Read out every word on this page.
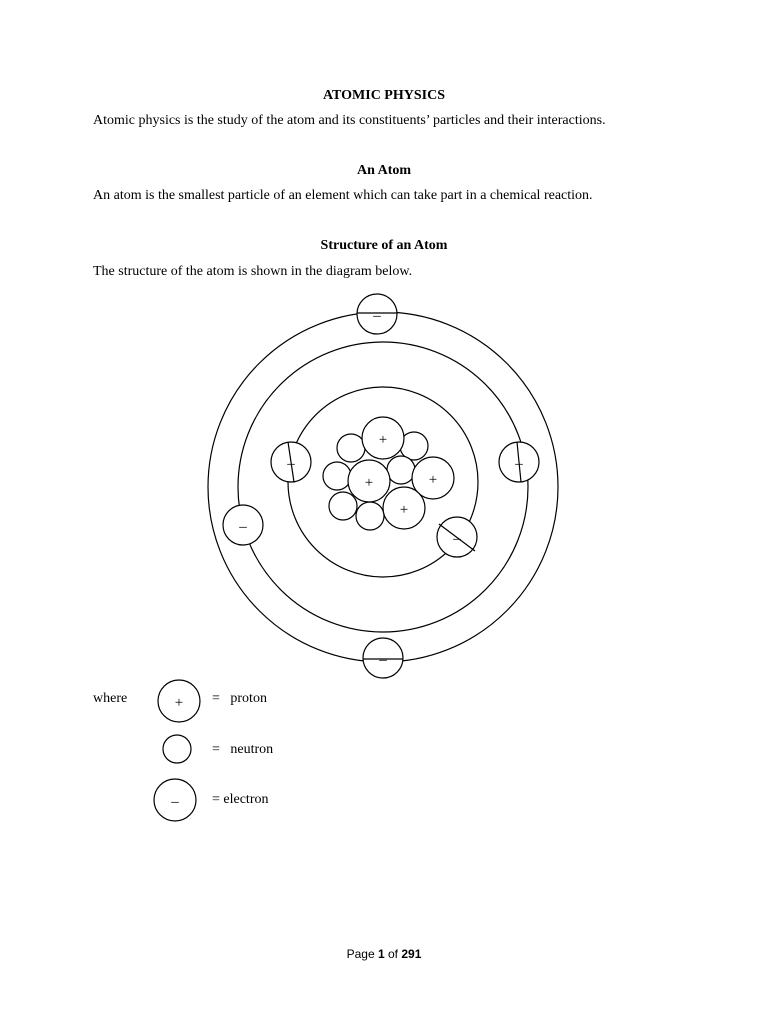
ATOMIC PHYSICS
Atomic physics is the study of the atom and its constituents’ particles and their interactions.
An Atom
An atom is the smallest particle of an element which can take part in a chemical reaction.
Structure of an Atom
The structure of the atom is shown in the diagram below.
+
+	+
+
–
–	–
–
–
–
+
–
where	=   proton
=   neutron
= electron
Page 1 of 291
